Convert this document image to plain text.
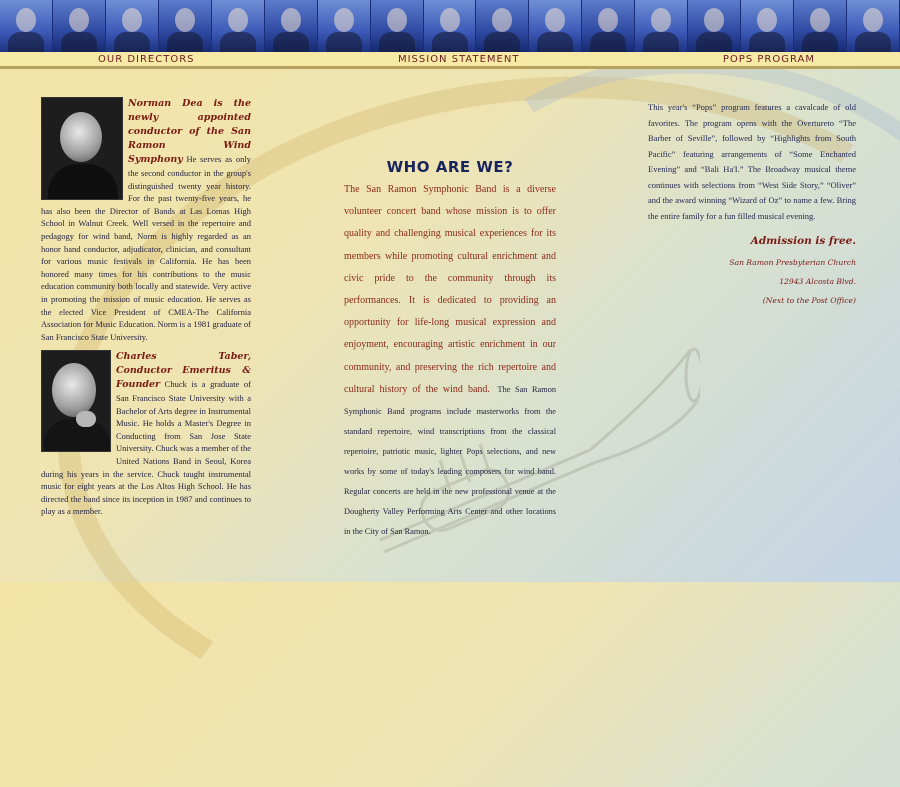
OUR DIRECTORS	MISSION STATEMENT	POPS PROGRAM

Norman Dea is the newly appointed conductor of the San Ramon Wind Symphony He serves as only the second conductor in the group's distinguished twenty year history. For the past twenty-five years, he has also been the Director of Bands at Las Lomas High School in Walnut Creek. Well versed in the repertoire and pedagogy for wind band, Norm is highly regarded as an honor band conductor, adjudicator, clinician, and consultant for various music festivals in California. He has been honored many times for his contributions to the music education community both locally and statewide. Very active in promoting the mission of music education. He serves as the elected Vice President of CMEA-The California Association for Music Education. Norm is a 1981 graduate of San Francisco State University.

Charles Taber, Conductor Emeritus & Founder Chuck is a graduate of San Francisco State University with a Bachelor of Arts degree in Instrumental Music. He holds a Master's Degree in Conducting from San Jose State University. Chuck was a member of the United Nations Band in Seoul, Korea during his years in the service. Chuck taught instrumental music for eight years at the Los Altos High School. He has directed the band since its inception in 1987 and continues to play as a member.

WHO ARE WE?

The San Ramon Symphonic Band is a diverse volunteer concert band whose mission is to offer quality and challenging musical experiences for its members while promoting cultural enrichment and civic pride to the community through its performances. It is dedicated to providing an opportunity for life-long musical expression and enjoyment, encouraging artistic enrichment in our community, and preserving the rich repertoire and cultural history of the wind band. The San Ramon Symphonic Band programs include masterworks from the standard repertoire, wind transcriptions from the classical repertoire, patriotic music, lighter Pops selections, and new works by some of today's leading composers for wind band. Regular concerts are held in the new professional venue at the Dougherty Valley Performing Arts Center and other locations in the City of San Ramon.

This year's “Pops” program features a cavalcade of old favorites. The program opens with the Overtureto “The Barber of Seville”, followed by “Highlights from South Pacific” featuring arrangements of “Some Enchanted Evening” and “Bali Ha'I.” The Broadway musical theme continues with selections from “West Side Story,” “Oliver” and the award winning “Wizard of Oz” to name a few. Bring the entire family for a fun filled musical evening.

Admission is free.
San Ramon Presbyterian Church
12943 Alcosta Blvd.
(Next to the Post Office)
